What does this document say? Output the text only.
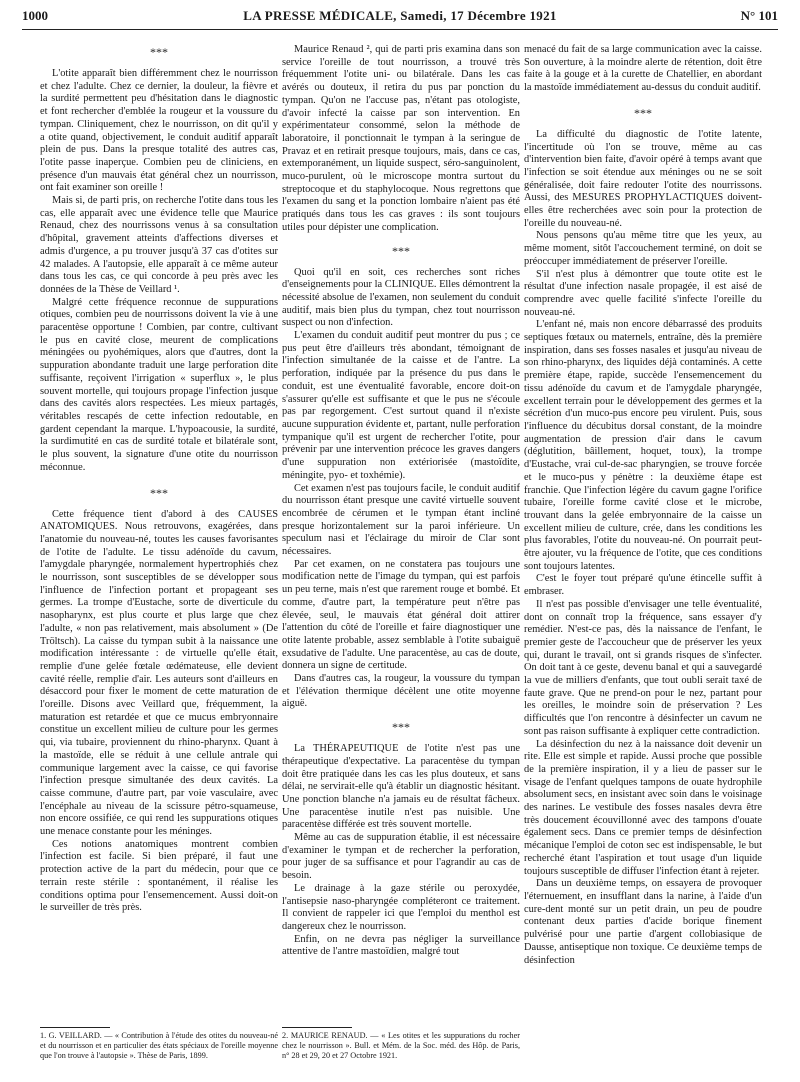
1000	LA PRESSE MÉDICALE, Samedi, 17 Décembre 1921	N° 101
***

L'otite apparaît bien différemment chez le nourrisson et chez l'adulte. Chez ce dernier, la douleur, la fièvre et la surdité permettent peu d'hésitation dans le diagnostic et font rechercher d'emblée la rougeur et la voussure du tympan. Cliniquement, chez le nourrisson, on dit qu'il y a otite quand, objectivement, le conduit auditif apparaît plein de pus. Dans la presque totalité des autres cas, l'otite passe inaperçue. Combien peu de cliniciens, en présence d'un mauvais état général chez un nourrisson, ont fait examiner son oreille !

Mais si, de parti pris, on recherche l'otite dans tous les cas, elle apparaît avec une évidence telle que Maurice Renaud, chez des nourrissons venus à sa consultation d'hôpital, gravement atteints d'affections diverses et admis d'urgence, a pu trouver jusqu'à 37 cas d'otites sur 42 malades. A l'autopsie, elle apparaît à ce même auteur dans tous les cas, ce qui concorde à peu près avec les données de la Thèse de Veillard ¹.

Malgré cette fréquence reconnue de suppurations otiques, combien peu de nourrissons doivent la vie à une paracentèse opportune ! Combien, par contre, cultivant le pus en cavité close, meurent de complications méningées ou pyohémiques, alors que d'autres, dont la suppuration abondante traduit une large perforation dite suffisante, reçoivent l'irrigation « superflux », le plus souvent mortelle, qui toujours propage l'infection jusque dans des cavités alors respectées. Les mieux partagés, véritables rescapés de cette infection redoutable, en gardent cependant la marque. L'hypoacousie, la surdité, la surdimutité en cas de surdité totale et bilatérale sont, le plus souvent, la signature d'une otite du nourrisson méconnue.

***

Cette fréquence tient d'abord à des CAUSES ANATOMIQUES. Nous retrouvons, exagérées, dans l'anatomie du nouveau-né, toutes les causes favorisantes de l'otite de l'adulte. Le tissu adénoïde du cavum, l'amygdale pharyngée, normalement hypertrophiés chez le nourrisson, sont susceptibles de se développer sous l'influence de l'infection portant et propageant ses germes. La trompe d'Eustache, sorte de diverticule du nasopharynx, est plus courte et plus large que chez l'adulte, « non pas relativement, mais absolument » (De Tröltsch). La caisse du tympan subit à la naissance une modification intéressante : de virtuelle qu'elle était, remplie d'une gelée fœtale œdémateuse, elle devient cavité réelle, remplie d'air. Les auteurs sont d'ailleurs en désaccord pour fixer le moment de cette maturation de l'oreille. Disons avec Veillard que, fréquemment, la maturation est retardée et que ce mucus embryonnaire constitue un excellent milieu de culture pour les germes qui, via tubaire, proviennent du rhino-pharynx. Quant à la mastoïde, elle se réduit à une cellule antrale qui communique largement avec la caisse, ce qui favorise l'infection presque simultanée des deux cavités. La caisse commune, d'autre part, par voie vasculaire, avec l'encéphale au niveau de la scissure pétro-squameuse, non encore ossifiée, ce qui rend les suppurations otiques une menace constante pour les méninges.

Ces notions anatomiques montrent combien l'infection est facile. Si bien préparé, il faut une protection active de la part du médecin, pour que ce terrain reste stérile : spontanément, il réalise les conditions optima pour l'ensemencement. Aussi doit-on le surveiller de très près.

Maurice Renaud ², qui de parti pris examina dans son service l'oreille de tout nourrisson, a trouvé très fréquemment l'otite uni- ou bilatérale. Dans les cas avérés ou douteux, il retira du pus par ponction du tympan. Qu'on ne l'accuse pas, n'étant pas otologiste, d'avoir infecté la caisse par son intervention. En expérimentateur consommé, selon la méthode de laboratoire, il ponctionnait le tympan à la seringue de Pravaz et en retirait presque toujours, mais, dans ce cas, extemporanément, un liquide suspect, séro-sanguinolent, muco-purulent, où le microscope montra surtout du streptocoque et du staphylocoque. Nous regrettons que l'examen du sang et la ponction lombaire n'aient pas été pratiqués dans tous les cas graves : ils sont toujours utiles pour dépister une complication.

***

Quoi qu'il en soit, ces recherches sont riches d'enseignements pour la CLINIQUE. Elles démontrent la nécessité absolue de l'examen, non seulement du conduit auditif, mais bien plus du tympan, chez tout nourrisson suspect ou non d'infection.

L'examen du conduit auditif peut montrer du pus ; ce pus peut être d'ailleurs très abondant, témoignant de l'infection simultanée de la caisse et de l'antre. La perforation, indiquée par la présence du pus dans le conduit, est une éventualité favorable, encore doit-on s'assurer qu'elle est suffisante et que le pus ne s'écoule pas par regorgement. C'est surtout quand il n'existe aucune suppuration évidente et, partant, nulle perforation tympanique qu'il est urgent de rechercher l'otite, pour prévenir par une intervention précoce les graves dangers d'une suppuration non extériorisée (mastoïdite, méningite, pyo- et toxhémie).

Cet examen n'est pas toujours facile, le conduit auditif du nourrisson étant presque une cavité virtuelle souvent encombrée de cérumen et le tympan étant incliné presque horizontalement sur la paroi inférieure. Un speculum nasi et l'éclairage du miroir de Clar sont nécessaires.

Par cet examen, on ne constatera pas toujours une modification nette de l'image du tympan, qui est parfois un peu terne, mais n'est que rarement rouge et bombé. Et comme, d'autre part, la température peut n'être pas élevée, seul, le mauvais état général doit attirer l'attention du côté de l'oreille et faire diagnostiquer une otite latente probable, assez semblable à l'otite subaiguë exsudative de l'adulte. Une paracentèse, au cas de doute, donnera un signe de certitude.

Dans d'autres cas, la rougeur, la voussure du tympan et l'élévation thermique décèlent une otite moyenne aiguë.

***

La THÉRAPEUTIQUE de l'otite n'est pas une thérapeutique d'expectative. La paracentèse du tympan doit être pratiquée dans les cas les plus douteux, et sans délai, ne servirait-elle qu'à établir un diagnostic hésitant. Une ponction blanche n'a jamais eu de résultat fâcheux. Une paracentèse inutile n'est pas nuisible. Une paracentèse différée est très souvent mortelle.

Même au cas de suppuration établie, il est nécessaire d'examiner le tympan et de rechercher la perforation, pour juger de sa suffisance et pour l'agrandir au cas de besoin.

Le drainage à la gaze stérile ou peroxydée, l'antisepsie naso-pharyngée compléteront ce traitement. Il convient de rappeler ici que l'emploi du menthol est dangereux chez le nourrisson.

Enfin, on ne devra pas négliger la surveillance attentive de l'antre mastoïdien, malgré tout

menacé du fait de sa large communication avec la caisse. Son ouverture, à la moindre alerte de rétention, doit être faite à la gouge et à la curette de Chatellier, en abordant la mastoïde immédiatement au-dessus du conduit auditif.

***

La difficulté du diagnostic de l'otite latente, l'incertitude où l'on se trouve, même au cas d'intervention bien faite, d'avoir opéré à temps avant que l'infection se soit étendue aux méninges ou ne se soit généralisée, doit faire redouter l'otite des nourrissons. Aussi, des MESURES PROPHYLACTIQUES doivent-elles être recherchées avec soin pour la protection de l'oreille du nouveau-né.

Nous pensons qu'au même titre que les yeux, au même moment, sitôt l'accouchement terminé, on doit se préoccuper immédiatement de préserver l'oreille.

S'il n'est plus à démontrer que toute otite est le résultat d'une infection nasale propagée, il est aisé de comprendre avec quelle facilité s'infecte l'oreille du nouveau-né.

L'enfant né, mais non encore débarrassé des produits septiques fœtaux ou maternels, entraîne, dès la première inspiration, dans ses fosses nasales et jusqu'au niveau de son rhino-pharynx, des liquides déjà contaminés. A cette première étape, rapide, succède l'ensemencement du tissu adénoïde du cavum et de l'amygdale pharyngée, excellent terrain pour le développement des germes et la sécrétion d'un muco-pus encore peu virulent. Puis, sous l'influence du décubitus dorsal constant, de la moindre augmentation de pression d'air dans le cavum (déglutition, bâillement, hoquet, toux), la trompe d'Eustache, vrai cul-de-sac pharyngien, se trouve forcée et le muco-pus y pénètre : la deuxième étape est franchie. Que l'infection légère du cavum gagne l'orifice tubaire, l'oreille forme cavité close et le microbe, trouvant dans la gelée embryonnaire de la caisse un excellent milieu de culture, crée, dans les conditions les plus favorables, l'otite du nouveau-né. On pourrait peut-être ajouter, vu la fréquence de l'otite, que ces conditions sont toujours latentes.

C'est le foyer tout préparé qu'une étincelle suffit à embraser.

Il n'est pas possible d'envisager une telle éventualité, dont on connaît trop la fréquence, sans essayer d'y remédier. N'est-ce pas, dès la naissance de l'enfant, le premier geste de l'accoucheur que de préserver les yeux qui, durant le travail, ont si grands risques de s'infecter. On doit tant à ce geste, devenu banal et qui a sauvegardé la vue de milliers d'enfants, que tout oubli serait taxé de faute grave. Que ne prend-on pour le nez, partant pour les oreilles, le moindre soin de préservation ? Les difficultés que l'on rencontre à désinfecter un cavum ne sont pas raison suffisante à expliquer cette contradiction.

La désinfection du nez à la naissance doit devenir un rite. Elle est simple et rapide. Aussi proche que possible de la première inspiration, il y a lieu de passer sur le visage de l'enfant quelques tampons de ouate hydrophile absolument secs, en insistant avec soin dans le voisinage des narines. Le vestibule des fosses nasales devra être très doucement écouvillonné avec des tampons d'ouate également secs. Dans ce premier temps de désinfection mécanique l'emploi de coton sec est indispensable, le but recherché étant l'aspiration et tout usage d'un liquide toujours susceptible de diffuser l'infection étant à rejeter.

Dans un deuxième temps, on essayera de provoquer l'éternuement, en insufflant dans la narine, à l'aide d'un cure-dent monté sur un petit drain, un peu de poudre contenant deux parties d'acide borique finement pulvérisé pour une partie d'argent collobiasique de Dausse, antiseptique non toxique. Ce deuxième temps de désinfection

1. G. VEILLARD. — « Contribution à l'étude des otites du nouveau-né et du nourrisson et en particulier des états spéciaux de l'oreille moyenne que l'on trouve à l'autopsie ». Thèse de Paris, 1899.
2. MAURICE RENAUD. — « Les otites et les suppurations du rocher chez le nourrisson ». Bull. et Mém. de la Soc. méd. des Hôp. de Paris, n° 28 et 29, 20 et 27 Octobre 1921.
